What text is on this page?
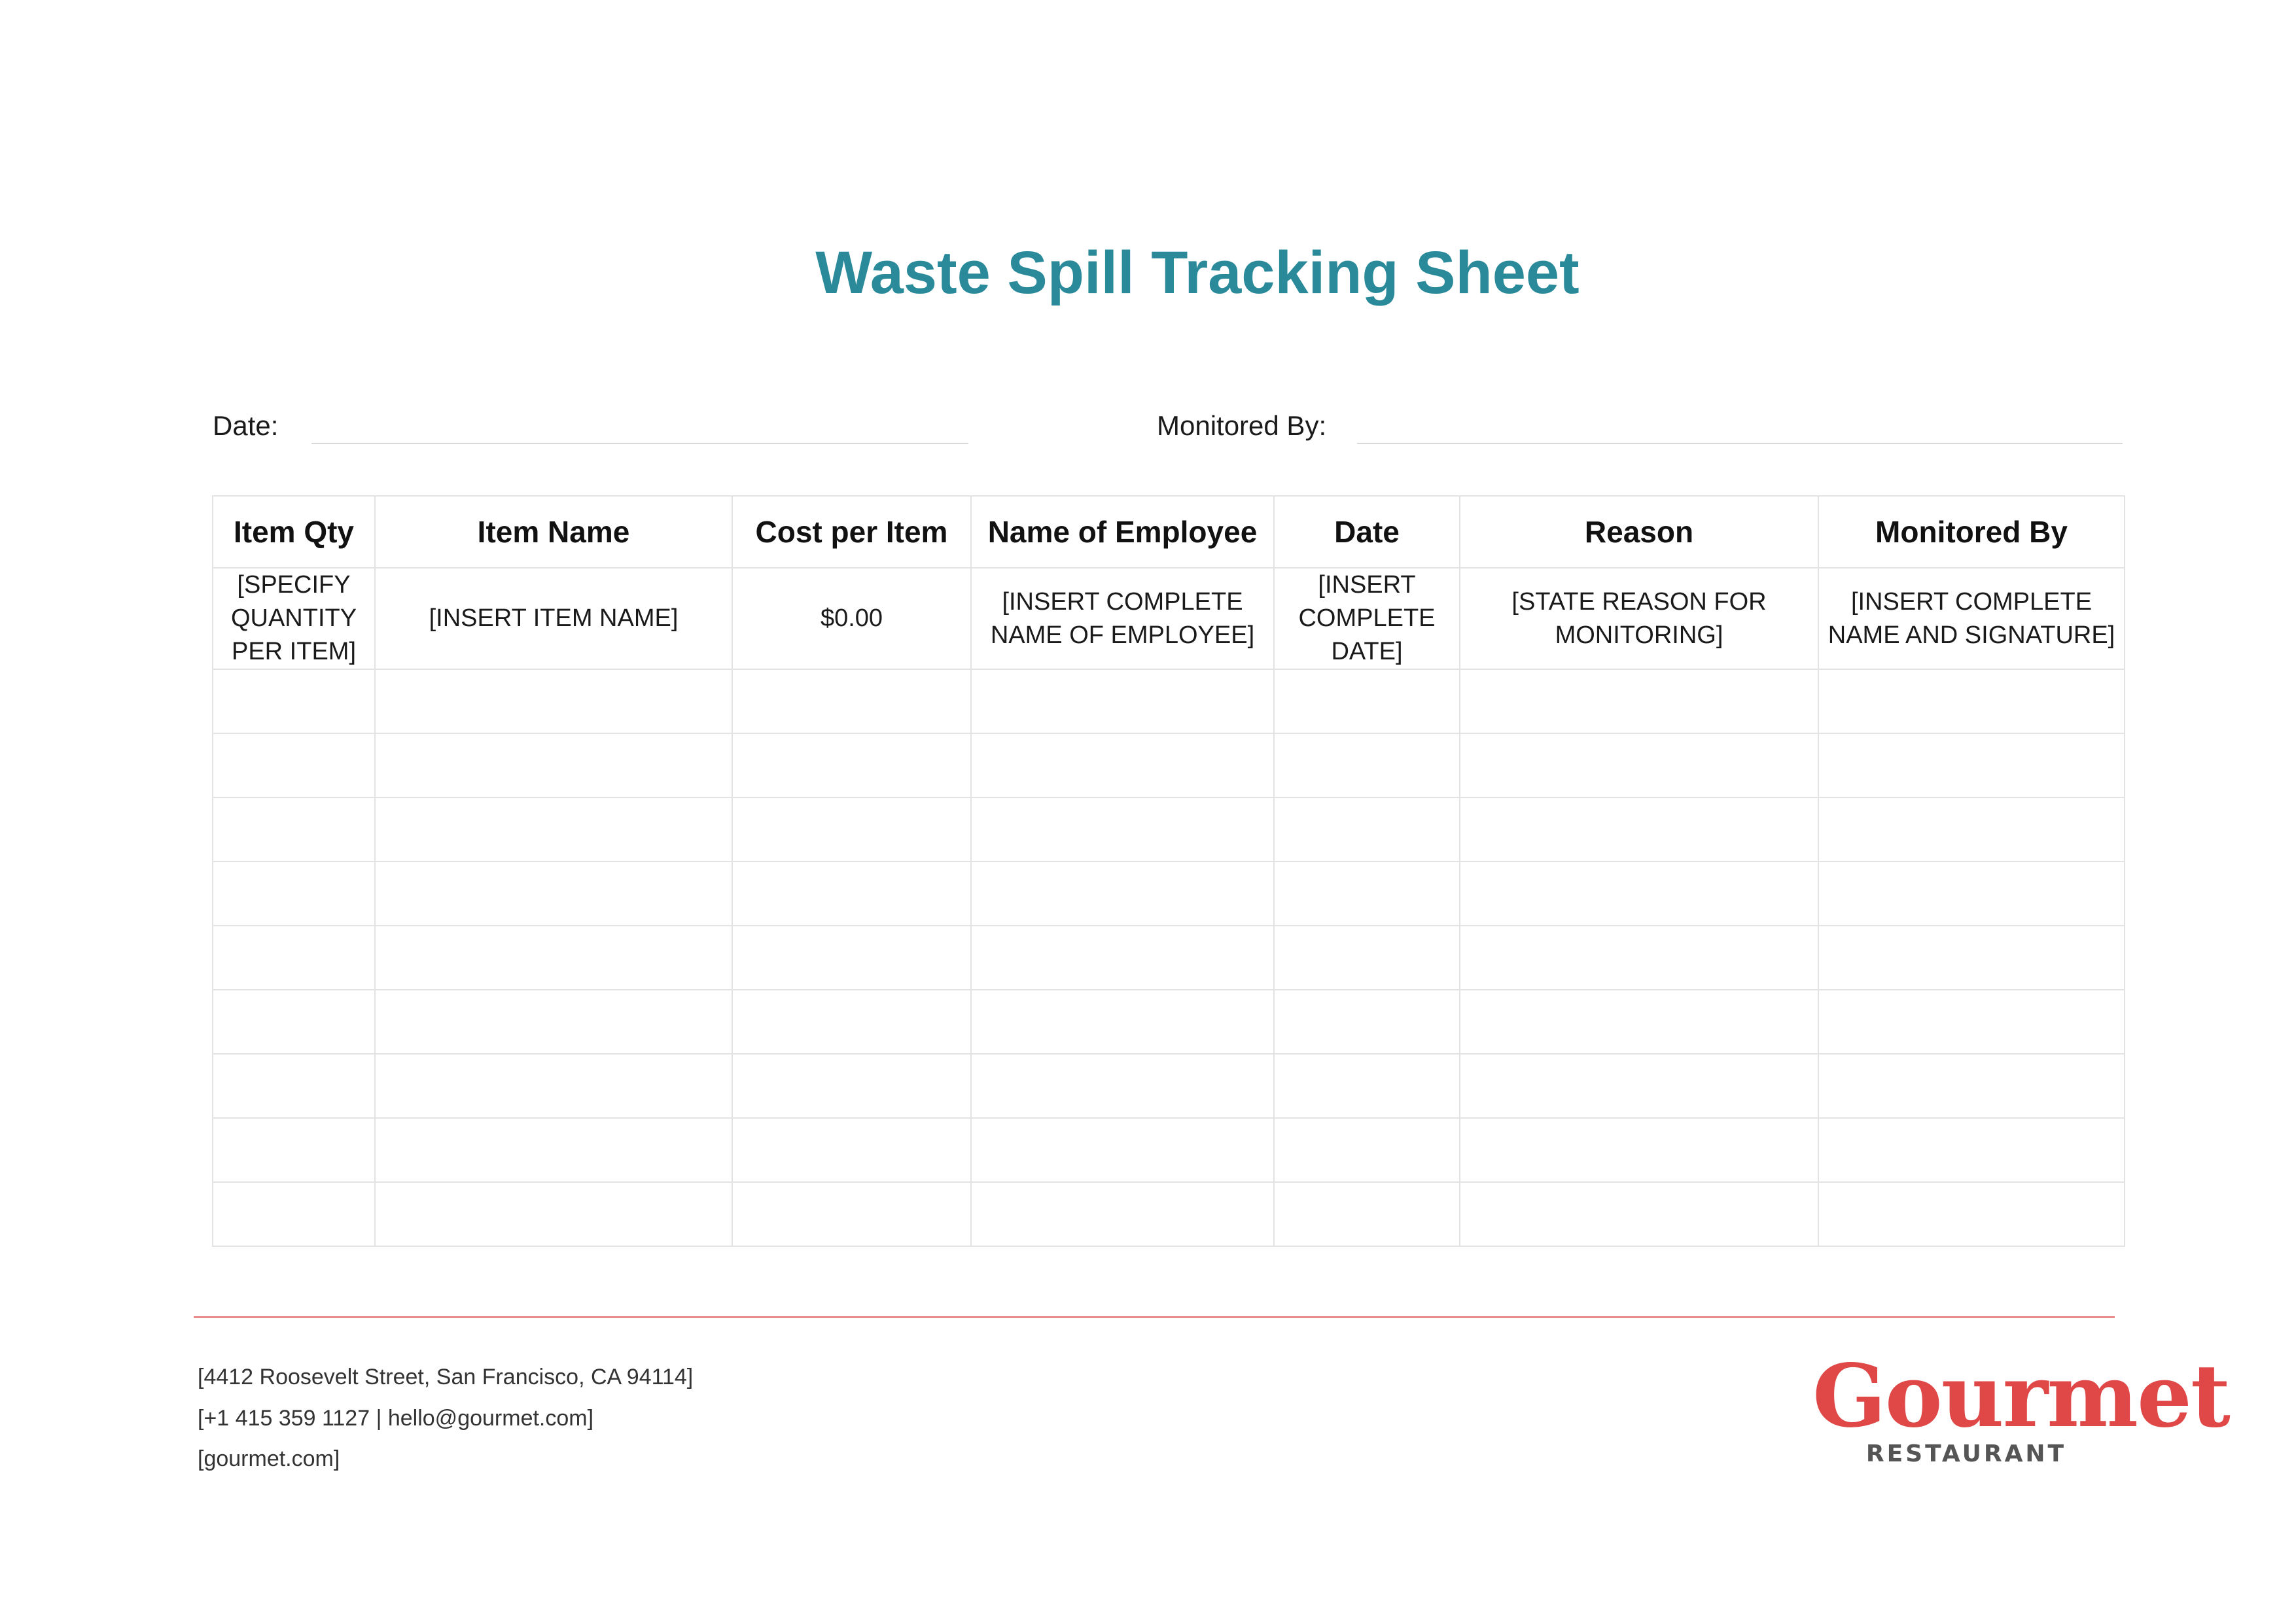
Waste Spill Tracking Sheet
Date:	Monitored By:
Item Qty	Item Name	Cost per Item	Name of Employee	Date	Reason	Monitored By
[SPECIFY QUANTITY PER ITEM]	[INSERT ITEM NAME]	$0.00	[INSERT COMPLETE NAME OF EMPLOYEE]	[INSERT COMPLETE DATE]	[STATE REASON FOR MONITORING]	[INSERT COMPLETE NAME AND SIGNATURE]

[4412 Roosevelt Street, San Francisco, CA 94114]
[+1 415 359 1127 | hello@gourmet.com]
[gourmet.com]
Gourmet
RESTAURANT
